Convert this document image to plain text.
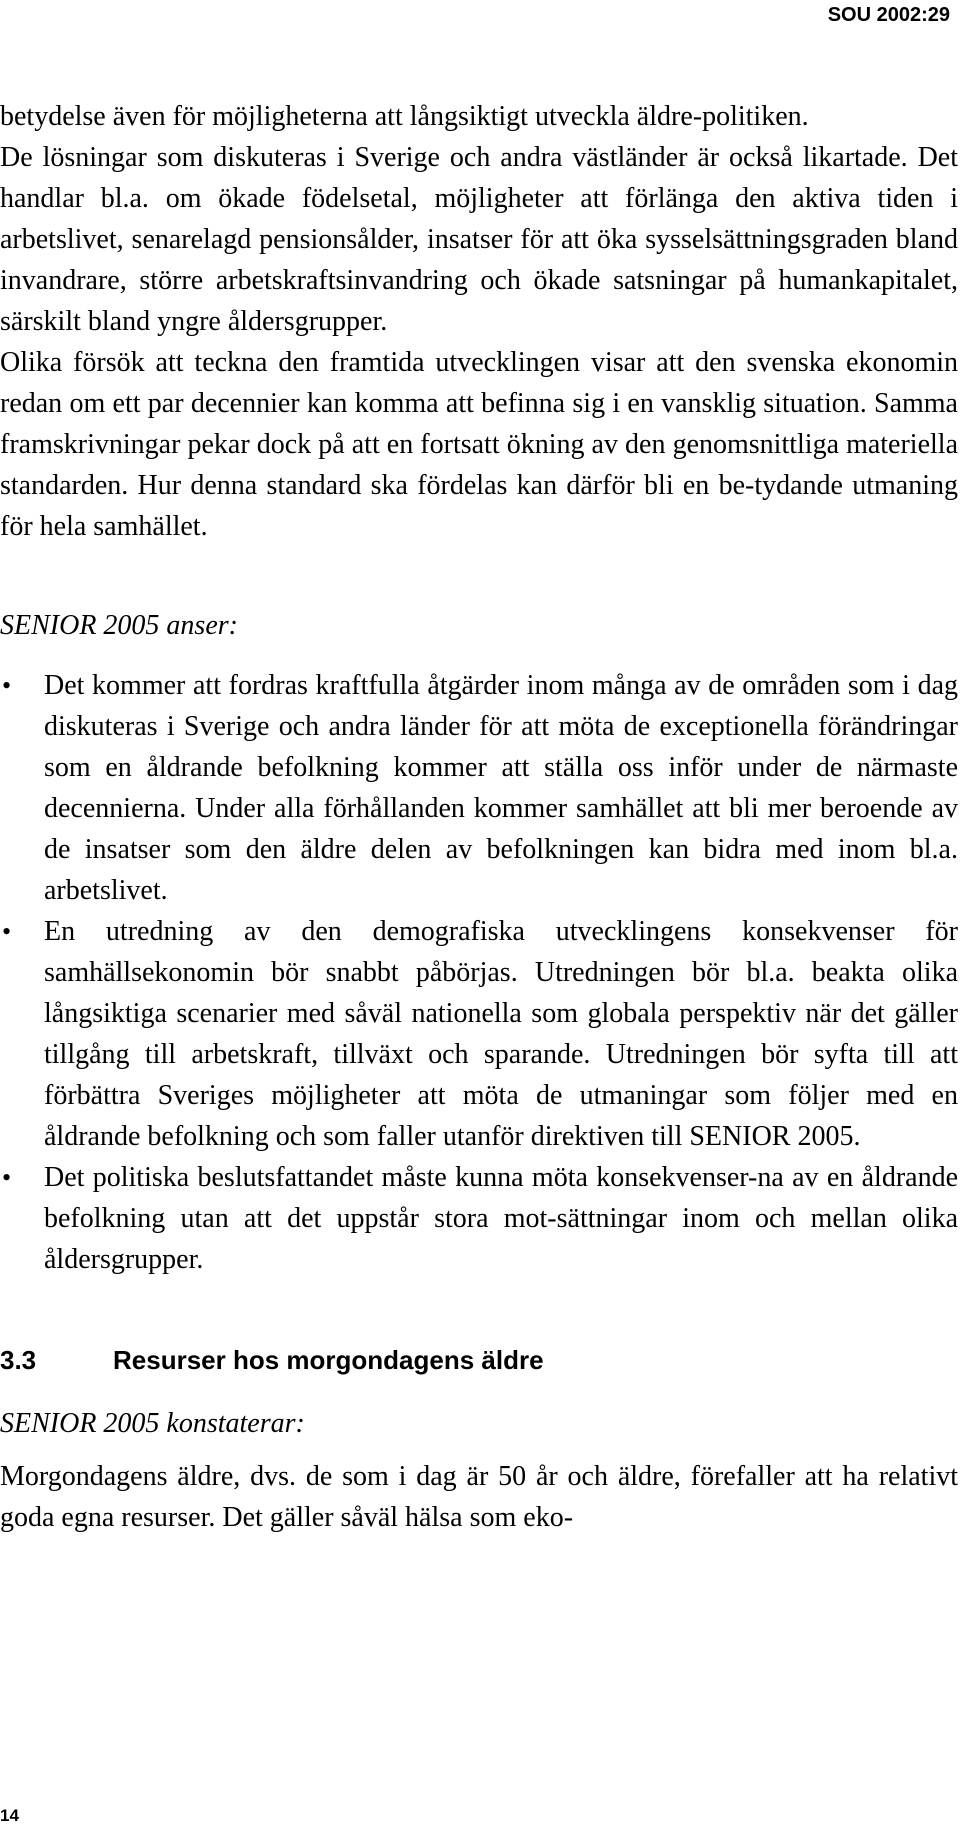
SOU 2002:29

betydelse även för möjligheterna att långsiktigt utveckla äldre-politiken.

De lösningar som diskuteras i Sverige och andra västländer är också likartade. Det handlar bl.a. om ökade födelsetal, möjligheter att förlänga den aktiva tiden i arbetslivet, senarelagd pensionsålder, insatser för att öka sysselsättningsgraden bland invandrare, större arbetskraftsinvandring och ökade satsningar på humankapitalet, särskilt bland yngre åldersgrupper.

Olika försök att teckna den framtida utvecklingen visar att den svenska ekonomin redan om ett par decennier kan komma att befinna sig i en vansklig situation. Samma framskrivningar pekar dock på att en fortsatt ökning av den genomsnittliga materiella standarden. Hur denna standard ska fördelas kan därför bli en be-tydande utmaning för hela samhället.

SENIOR 2005 anser:
• Det kommer att fordras kraftfulla åtgärder inom många av de områden som i dag diskuteras i Sverige och andra länder för att möta de exceptionella förändringar som en åldrande befolkning kommer att ställa oss inför under de närmaste decennierna. Under alla förhållanden kommer samhället att bli mer beroende av de insatser som den äldre delen av befolkningen kan bidra med inom bl.a. arbetslivet.
• En utredning av den demografiska utvecklingens konsekvenser för samhällsekonomin bör snabbt påbörjas. Utredningen bör bl.a. beakta olika långsiktiga scenarier med såväl nationella som globala perspektiv när det gäller tillgång till arbetskraft, tillväxt och sparande. Utredningen bör syfta till att förbättra Sveriges möjligheter att möta de utmaningar som följer med en åldrande befolkning och som faller utanför direktiven till SENIOR 2005.
• Det politiska beslutsfattandet måste kunna möta konsekvenser-na av en åldrande befolkning utan att det uppstår stora mot-sättningar inom och mellan olika åldersgrupper.
3.3	Resurser hos morgondagens äldre
SENIOR 2005 konstaterar:

Morgondagens äldre, dvs. de som i dag är 50 år och äldre, förefaller att ha relativt goda egna resurser. Det gäller såväl hälsa som eko-

14
